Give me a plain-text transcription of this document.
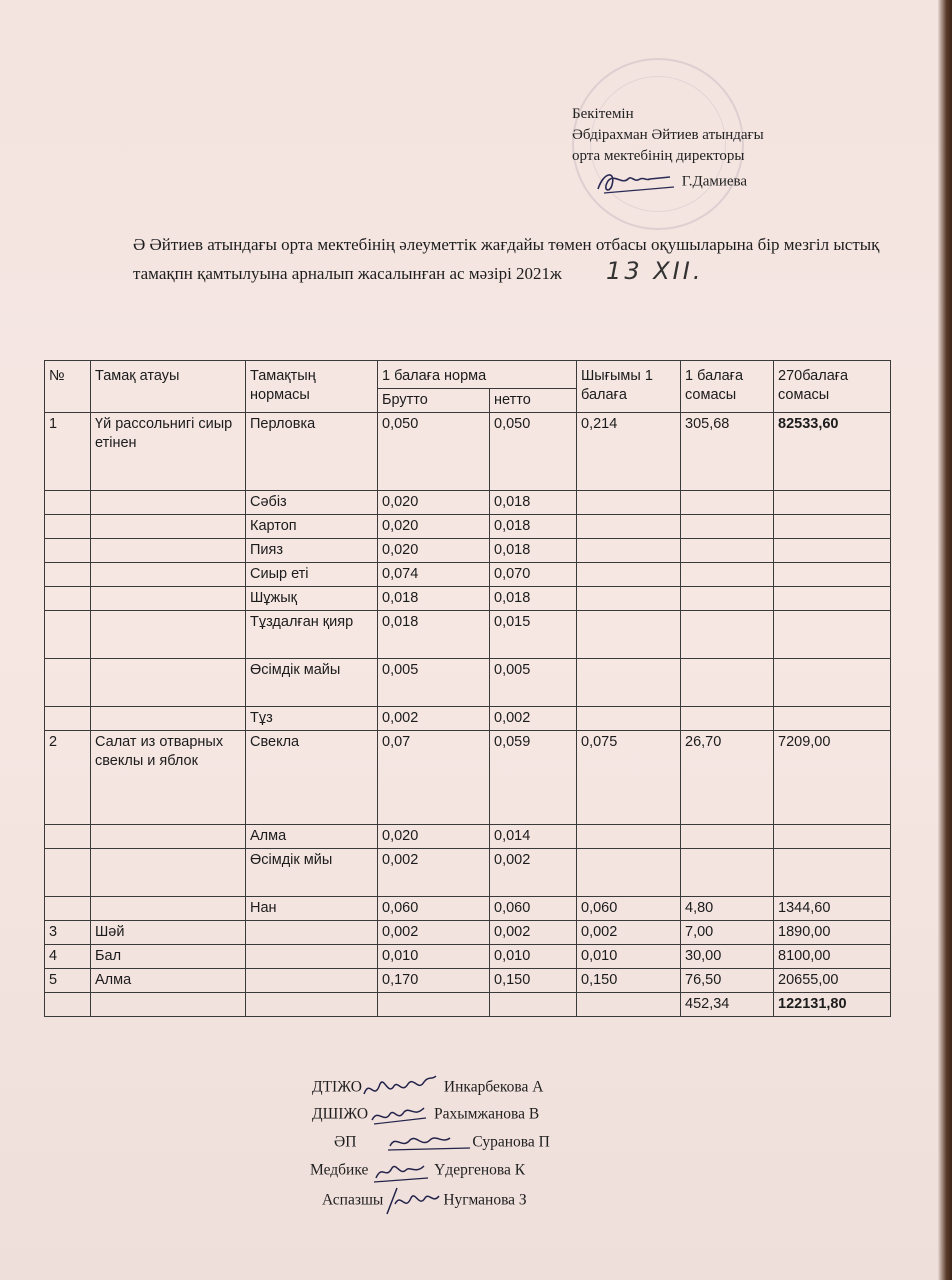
Бекітемін
Әбдірахман Әйтиев атындағы
орта мектебінің директоры
Г.Дамиева
Ә Әйтиев атындағы орта мектебінің әлеуметтік жағдайы төмен отбасы оқушыларына бір мезгіл ыстық тамақпн қамтылуына арналып жасалынған ас мәзірі 2021ж 13 XII.
№	Тамақ атауы	Тамақтың нормасы	1 балаға норма		Шығымы 1 балаға	1 балаға сомасы	270балаға сомасы
			Брутто	нетто			
1	Үй рассольнигі сиыр етінен	Перловка	0,050	0,050	0,214	305,68	82533,60
		Сәбіз	0,020	0,018			
		Картоп	0,020	0,018			
		Пияз	0,020	0,018			
		Сиыр еті	0,074	0,070			
		Шұжық	0,018	0,018			
		Тұздалған қияр	0,018	0,015			
		Өсімдік майы	0,005	0,005			
		Тұз	0,002	0,002			
2	Салат из отварных свеклы и яблок	Свекла	0,07	0,059	0,075	26,70	7209,00
		Алма	0,020	0,014			
		Өсімдік мйы	0,002	0,002			
		Нан	0,060	0,060	0,060	4,80	1344,60
3	Шәй		0,002	0,002	0,002	7,00	1890,00
4	Бал		0,010	0,010	0,010	30,00	8100,00
5	Алма		0,170	0,150	0,150	76,50	20655,00
						452,34	122131,80
ДТІЖО	Инкарбекова А
ДШІЖО	Рахымжанова В
ӘП	Суранова П
Медбике	Үдергенова К
Аспазшы	Нугманова З
